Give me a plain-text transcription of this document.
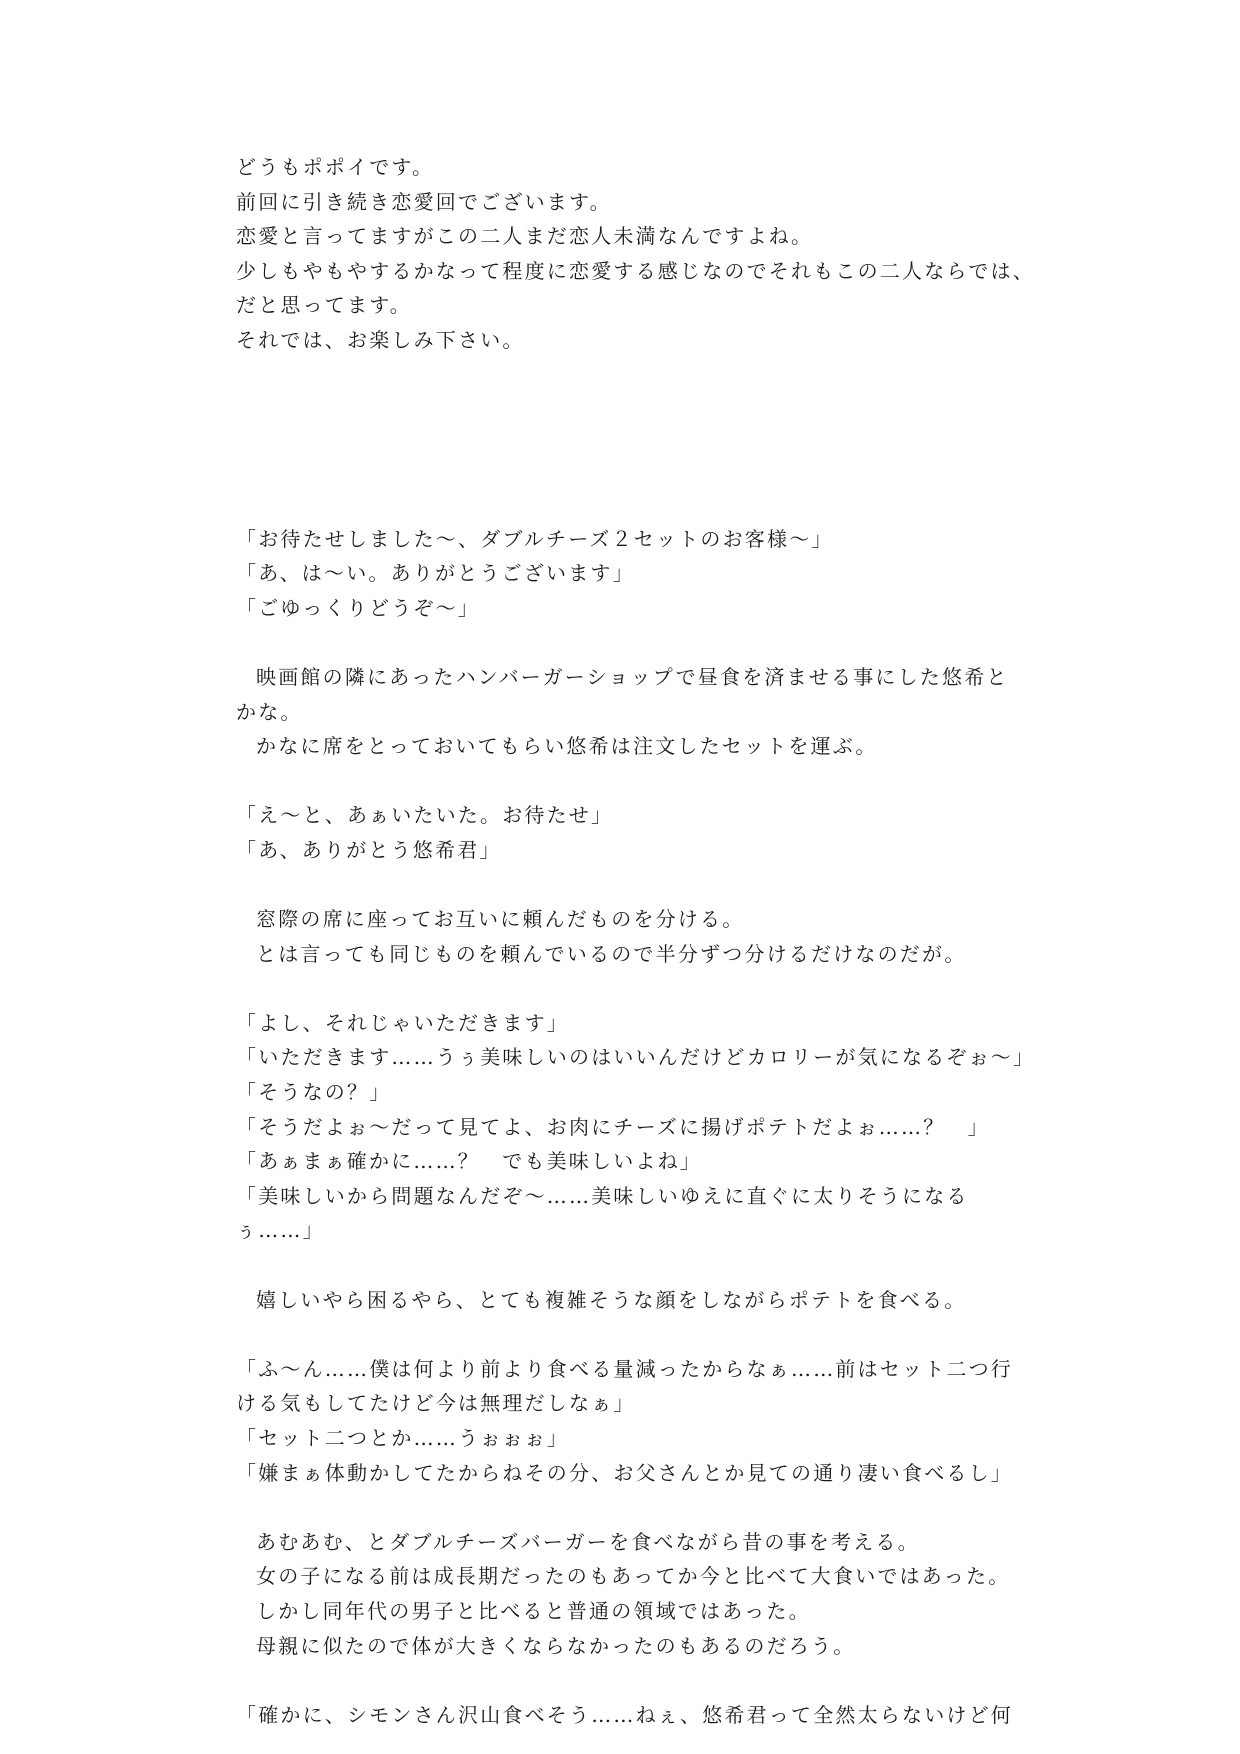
どうもポポイです。
前回に引き続き恋愛回でございます。
恋愛と言ってますがこの二人まだ恋人未満なんですよね。
少しもやもやするかなって程度に恋愛する感じなのでそれもこの二人ならでは、
だと思ってます。
それでは、お楽しみ下さい。
「お待たせしました〜、ダブルチーズ２セットのお客様〜」
「あ、は〜い。ありがとうございます」
「ごゆっくりどうぞ〜」
映画館の隣にあったハンバーガーショップで昼食を済ませる事にした悠希と
かな。
かなに席をとっておいてもらい悠希は注文したセットを運ぶ。
「え〜と、あぁいたいた。お待たせ」
「あ、ありがとう悠希君」
窓際の席に座ってお互いに頼んだものを分ける。
とは言っても同じものを頼んでいるので半分ずつ分けるだけなのだが。
「よし、それじゃいただきます」
「いただきます……うぅ美味しいのはいいんだけどカロリーが気になるぞぉ〜」
「そうなの？」
「そうだよぉ〜だって見てよ、お肉にチーズに揚げポテトだよぉ……？　」
「あぁまぁ確かに……？　でも美味しいよね」
「美味しいから問題なんだぞ〜……美味しいゆえに直ぐに太りそうになる
ぅ……」
嬉しいやら困るやら、とても複雑そうな顔をしながらポテトを食べる。
「ふ〜ん……僕は何より前より食べる量減ったからなぁ……前はセット二つ行
ける気もしてたけど今は無理だしなぁ」
「セット二つとか……うぉぉぉ」
「嫌まぁ体動かしてたからねその分、お父さんとか見ての通り凄い食べるし」
あむあむ、とダブルチーズバーガーを食べながら昔の事を考える。
女の子になる前は成長期だったのもあってか今と比べて大食いではあった。
しかし同年代の男子と比べると普通の領域ではあった。
母親に似たので体が大きくならなかったのもあるのだろう。
「確かに、シモンさん沢山食べそう……ねぇ、悠希君って全然太らないけど何
